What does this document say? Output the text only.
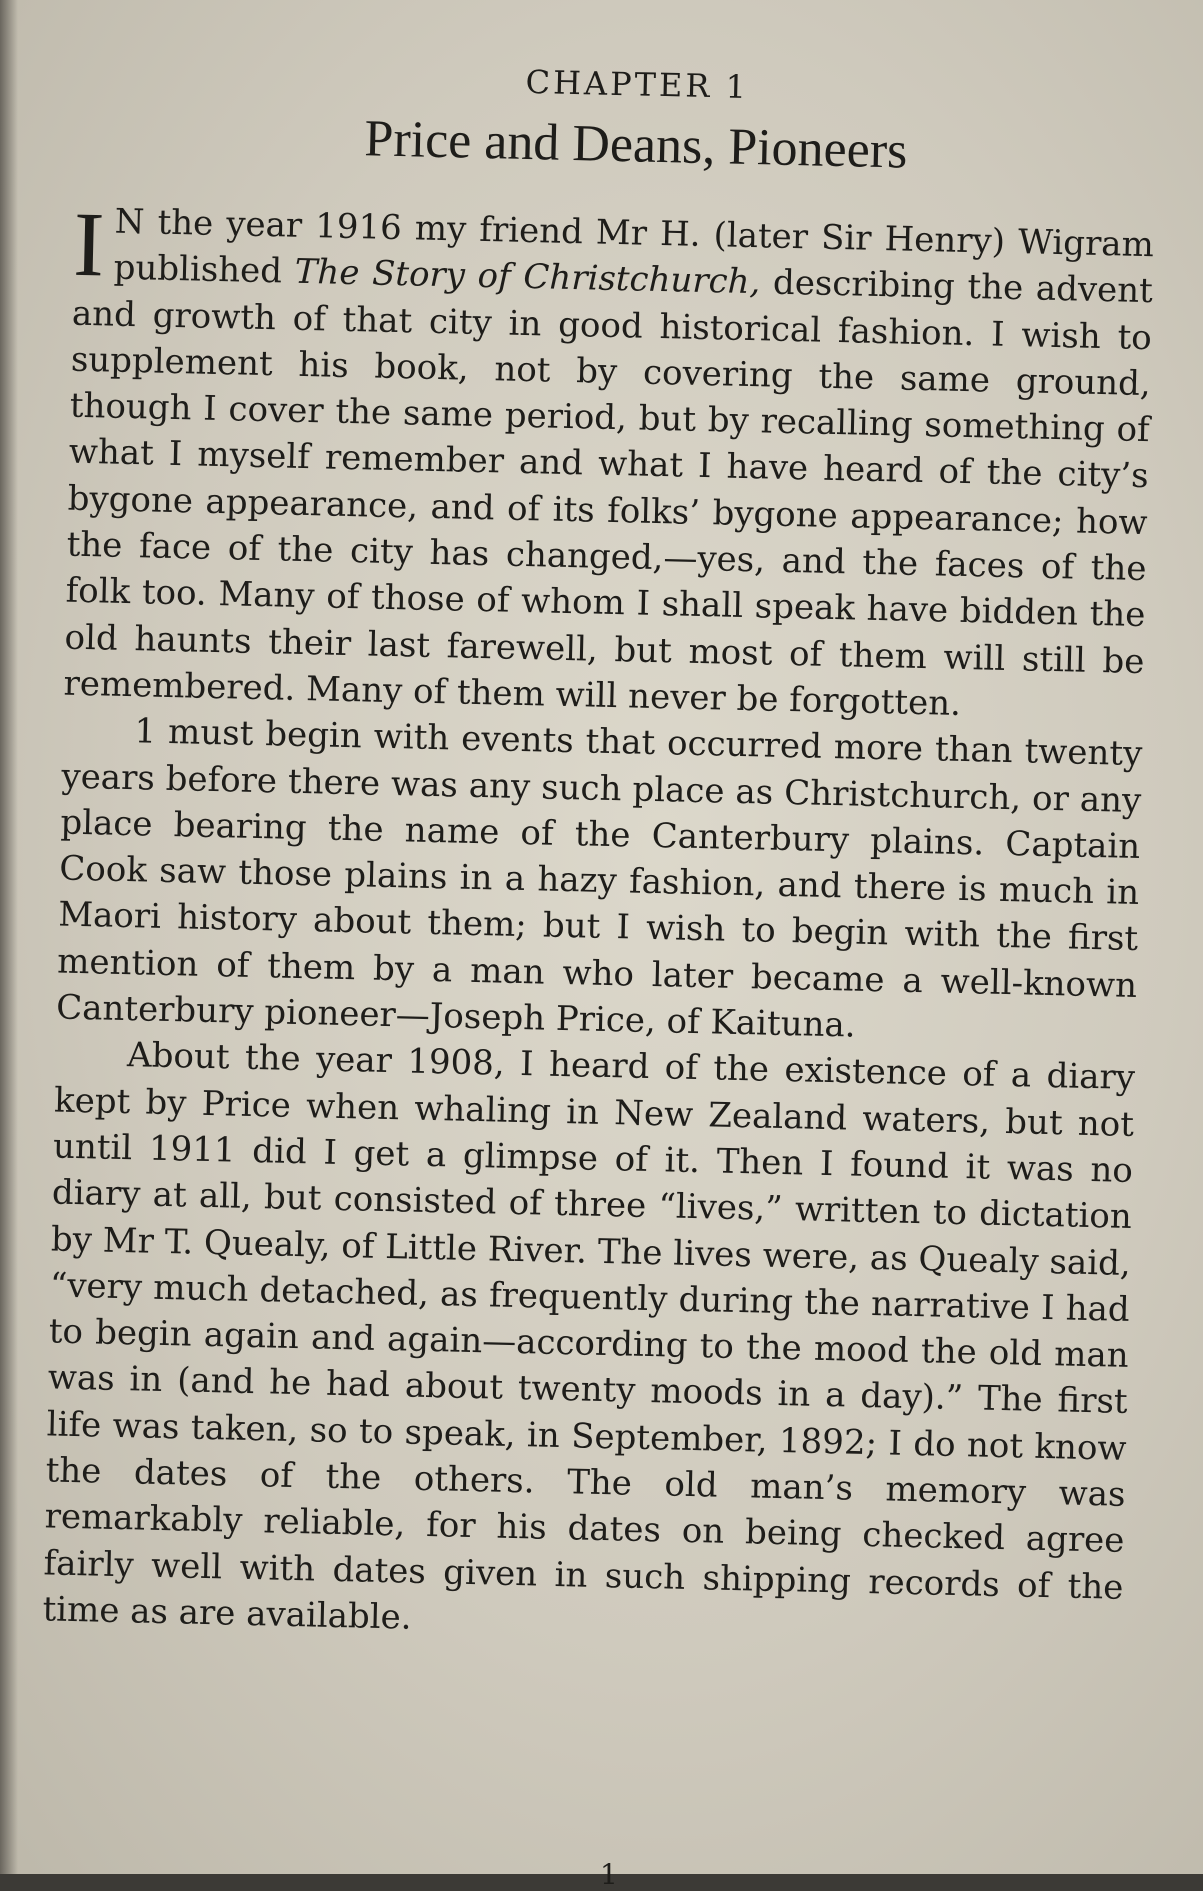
CHAPTER 1
Price and Deans, Pioneers

I N the year 1916 my friend Mr H. (later Sir Henry) Wigram published The Story of Christchurch, describing the advent and growth of that city in good historical fashion. I wish to supplement his book, not by covering the same ground, though I cover the same period, but by recalling something of what I myself remember and what I have heard of the city’s bygone appearance, and of its folks’ bygone appearance; how the face of the city has changed,—yes, and the faces of the folk too. Many of those of whom I shall speak have bidden the old haunts their last farewell, but most of them will still be remembered. Many of them will never be forgotten.

1 must begin with events that occurred more than twenty years before there was any such place as Christchurch, or any place bearing the name of the Canterbury plains. Captain Cook saw those plains in a hazy fashion, and there is much in Maori history about them; but I wish to begin with the first mention of them by a man who later became a well-known Canterbury pioneer—Joseph Price, of Kaituna.

About the year 1908, I heard of the existence of a diary kept by Price when whaling in New Zealand waters, but not until 1911 did I get a glimpse of it. Then I found it was no diary at all, but consisted of three “lives,” written to dictation by Mr T. Quealy, of Little River. The lives were, as Quealy said, “very much detached, as frequently during the narrative I had to begin again and again—according to the mood the old man was in (and he had about twenty moods in a day).” The first life was taken, so to speak, in September, 1892; I do not know the dates of the others. The old man’s memory was remarkably reliable, for his dates on being checked agree fairly well with dates given in such shipping records of the time as are available.

1
